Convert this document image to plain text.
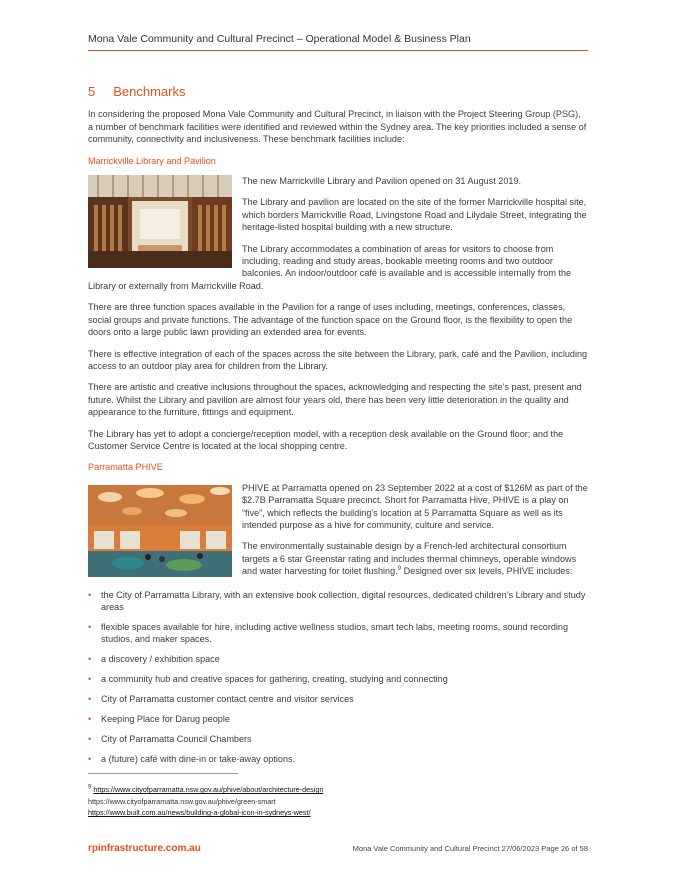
Mona Vale Community and Cultural Precinct – Operational Model & Business Plan
5 Benchmarks

In considering the proposed Mona Vale Community and Cultural Precinct, in liaison with the Project Steering Group (PSG), a number of benchmark facilities were identified and reviewed within the Sydney area. The key priorities included a sense of community, connectivity and inclusiveness. These benchmark facilities include:

Marrickville Library and Pavilion

The new Marrickville Library and Pavilion opened on 31 August 2019.

The Library and pavilion are located on the site of the former Marrickville hospital site, which borders Marrickville Road, Livingstone Road and Lilydale Street, integrating the heritage-listed hospital building with a new structure.

The Library accommodates a combination of areas for visitors to choose from including, reading and study areas, bookable meeting rooms and two outdoor balconies. An indoor/outdoor café is available and is accessible internally from the Library or externally from Marrickville Road.

There are three function spaces available in the Pavilion for a range of uses including, meetings, conferences, classes, social groups and private functions. The advantage of the function space on the Ground floor, is the flexibility to open the doors onto a large public lawn providing an extended area for events.

There is effective integration of each of the spaces across the site between the Library, park, café and the Pavilion, including access to an outdoor play area for children from the Library.

There are artistic and creative inclusions throughout the spaces, acknowledging and respecting the site’s past, present and future. Whilst the Library and pavilion are almost four years old, there has been very little deterioration in the quality and appearance to the furniture, fittings and equipment.

The Library has yet to adopt a concierge/reception model, with a reception desk available on the Ground floor; and the Customer Service Centre is located at the local shopping centre.

Parramatta PHIVE

PHIVE at Parramatta opened on 23 September 2022 at a cost of $126M as part of the $2.7B Parramatta Square precinct. Short for Parramatta Hive, PHIVE is a play on “five”, which reflects the building's location at 5 Parramatta Square as well as its intended purpose as a hive for community, culture and service.

The environmentally sustainable design by a French-led architectural consortium targets a 6 star Greenstar rating and includes thermal chimneys, operable windows and water harvesting for toilet flushing.$^9$ Designed over six levels, PHIVE includes:

• the City of Parramatta Library, with an extensive book collection, digital resources, dedicated children’s Library and study areas
• flexible spaces available for hire, including active wellness studios, smart tech labs, meeting rooms, sound recording studios, and maker spaces.
• a discovery / exhibition space
• a community hub and creative spaces for gathering, creating, studying and connecting
• City of Parramatta customer contact centre and visitor services
• Keeping Place for Darug people
• City of Parramatta Council Chambers
• a (future) café with dine-in or take-away options.
$^9$ https://www.cityofparramatta.nsw.gov.au/phive/about/architecture-design
https://www.cityofparramatta.nsw.gov.au/phive/green-smart
https://www.built.com.au/news/building-a-global-icon-in-sydneys-west/
rpinfrastructure.com.au	Mona Vale Community and Cultural Precinct 27/06/2023 Page 26 of 58
